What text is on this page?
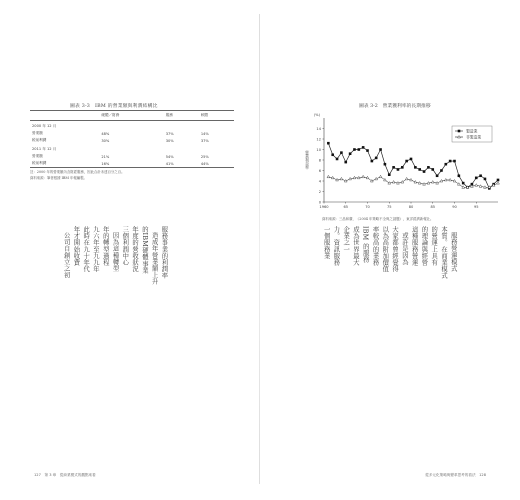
圖表 3-3　IBM 的營業額與利潤結構比
	硬體／財務	服務	軟體
2000 年 12 月			
營業額	48%	37%	14%
税前利潤	30%	30%	37%
2011 年 12 月			
營業額	21%	54%	25%
税前利潤	16%	41%	44%
註：2000 年的營業額內含財經服務，因此合計未達百分之百。
資料來源：筆者根據 IBM 年報編製。
服務事業的利潤率
造成年營業額上升
的IBM硬體事業
年度的營收狀況
三個利潤中心
因為這種轉型
年的轉型過程
九六年至九九年
此時在九十年代
年才開始收費
公司自創立之初
127　第 3 章　從商業模式的觀點來看
圖表 3-2　營業獲利率的長期推移
(%)
營業利益率
0
2
4
6
8
10
12
14
1960	65	70	75	80	85	90	95
製造業
非製造業
資料來源：三品和廣，《2004 年策略不全與之謎題》，東洋經濟新報社。
服務營運模式
本質。在商業模式
的營運上具有
的理論與經營
這種服務營運
或許是因為
大家都曾經覺得
以為高附加價值
率較高的業務
IBM 的服務
成為世界最大
企業之一
力。資訊服務
一個服務業
從多元化策略與變革思考的看法　128
